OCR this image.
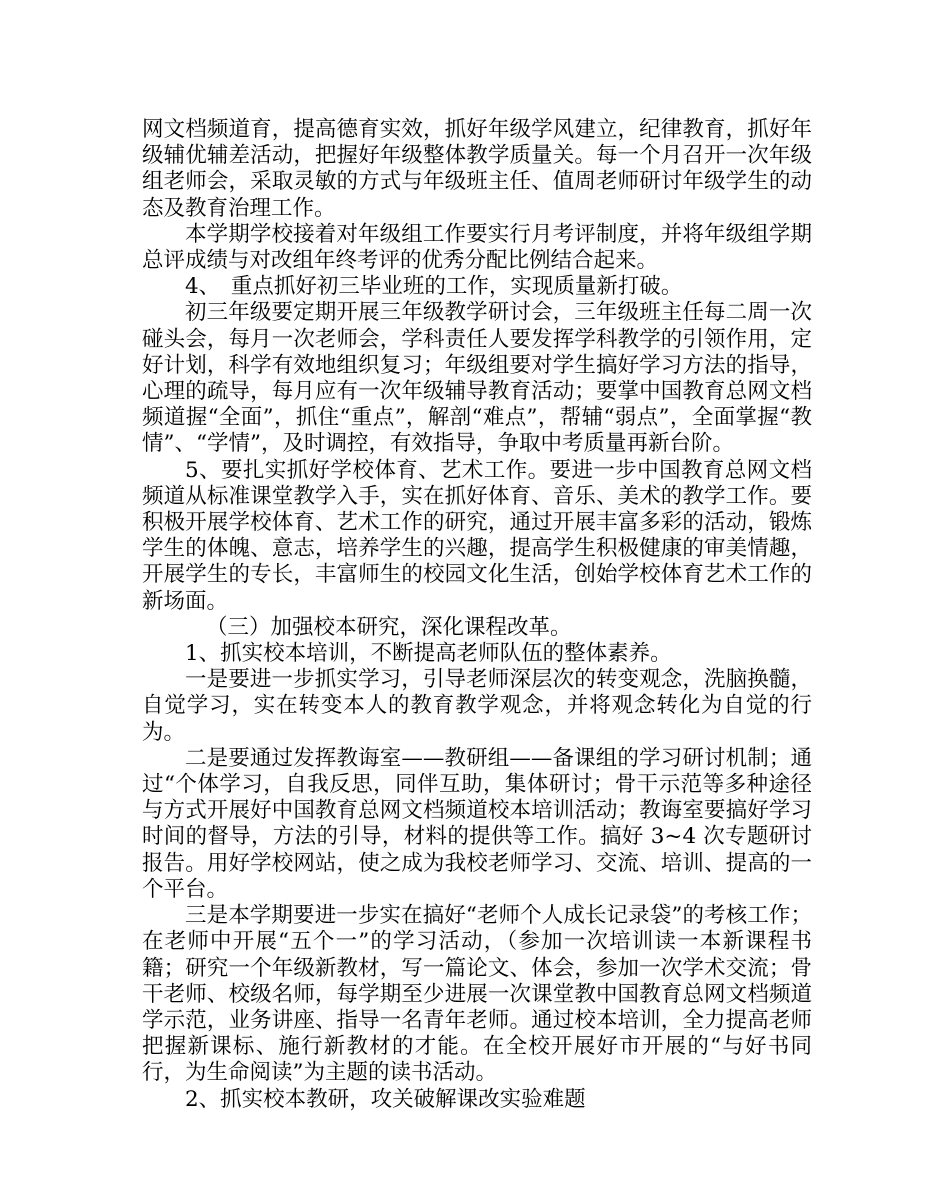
网文档频道育，提高德育实效，抓好年级学风建立，纪律教育，抓好年级辅优辅差活动，把握好年级整体教学质量关。每一个月召开一次年级组老师会，采取灵敏的方式与年级班主任、值周老师研讨年级学生的动态及教育治理工作。

本学期学校接着对年级组工作要实行月考评制度，并将年级组学期总评成绩与对改组年终考评的优秀分配比例结合起来。

4、　重点抓好初三毕业班的工作，实现质量新打破。

初三年级要定期开展三年级教学研讨会，三年级班主任每二周一次碰头会，每月一次老师会，学科责任人要发挥学科教学的引领作用，定好计划，科学有效地组织复习；年级组要对学生搞好学习方法的指导，心理的疏导，每月应有一次年级辅导教育活动；要掌中国教育总网文档频道握“全面”，抓住“重点”，解剖“难点”，帮辅“弱点”，全面掌握“教情”、“学情”，及时调控，有效指导，争取中考质量再新台阶。

5、要扎实抓好学校体育、艺术工作。要进一步中国教育总网文档频道从标准课堂教学入手，实在抓好体育、音乐、美术的教学工作。要积极开展学校体育、艺术工作的研究，通过开展丰富多彩的活动，锻炼学生的体魄、意志，培养学生的兴趣，提高学生积极健康的审美情趣，开展学生的专长，丰富师生的校园文化生活，创始学校体育艺术工作的新场面。

（三）加强校本研究，深化课程改革。

1、抓实校本培训，不断提高老师队伍的整体素养。

一是要进一步抓实学习，引导老师深层次的转变观念，洗脑换髓，自觉学习，实在转变本人的教育教学观念，并将观念转化为自觉的行为。

二是要通过发挥教诲室——教研组——备课组的学习研讨机制；通过“个体学习，自我反思，同伴互助，集体研讨；骨干示范等多种途径与方式开展好中国教育总网文档频道校本培训活动；教诲室要搞好学习时间的督导，方法的引导，材料的提供等工作。搞好 3~4 次专题研讨报告。用好学校网站，使之成为我校老师学习、交流、培训、提高的一个平台。

三是本学期要进一步实在搞好“老师个人成长记录袋”的考核工作；在老师中开展“五个一”的学习活动，（参加一次培训读一本新课程书籍；研究一个年级新教材，写一篇论文、体会，参加一次学术交流；骨干老师、校级名师，每学期至少进展一次课堂教中国教育总网文档频道学示范，业务讲座、指导一名青年老师。通过校本培训，全力提高老师把握新课标、施行新教材的才能。在全校开展好市开展的“与好书同行，为生命阅读”为主题的读书活动。

2、抓实校本教研，攻关破解课改实验难题
